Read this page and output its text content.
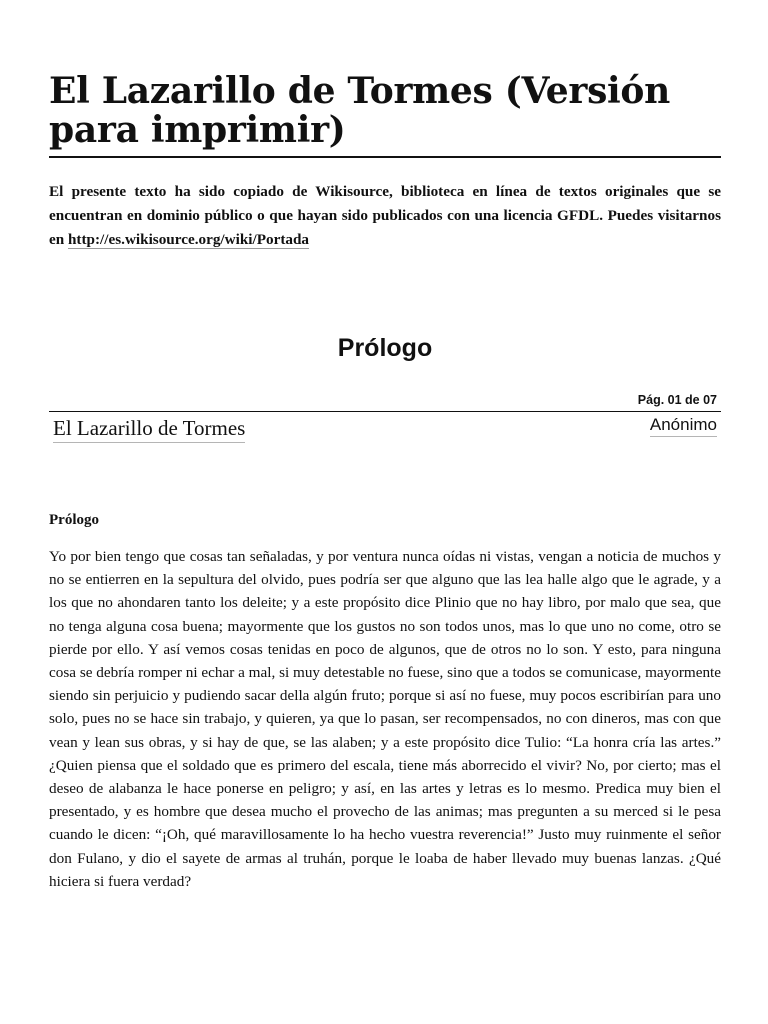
El Lazarillo de Tormes (Versión para imprimir)
El presente texto ha sido copiado de Wikisource, biblioteca en línea de textos originales que se encuentran en dominio público o que hayan sido publicados con una licencia GFDL. Puedes visitarnos en http://es.wikisource.org/wiki/Portada
Prólogo
Pág. 01 de 07
El Lazarillo de Tormes	Anónimo
Prólogo

Yo por bien tengo que cosas tan señaladas, y por ventura nunca oídas ni vistas, vengan a noticia de muchos y no se entierren en la sepultura del olvido, pues podría ser que alguno que las lea halle algo que le agrade, y a los que no ahondaren tanto los deleite; y a este propósito dice Plinio que no hay libro, por malo que sea, que no tenga alguna cosa buena; mayormente que los gustos no son todos unos, mas lo que uno no come, otro se pierde por ello. Y así vemos cosas tenidas en poco de algunos, que de otros no lo son. Y esto, para ninguna cosa se debría romper ni echar a mal, si muy detestable no fuese, sino que a todos se comunicase, mayormente siendo sin perjuicio y pudiendo sacar della algún fruto; porque si así no fuese, muy pocos escribirían para uno solo, pues no se hace sin trabajo, y quieren, ya que lo pasan, ser recompensados, no con dineros, mas con que vean y lean sus obras, y si hay de que, se las alaben; y a este propósito dice Tulio: “La honra cría las artes.” ¿Quien piensa que el soldado que es primero del escala, tiene más aborrecido el vivir? No, por cierto; mas el deseo de alabanza le hace ponerse en peligro; y así, en las artes y letras es lo mesmo. Predica muy bien el presentado, y es hombre que desea mucho el provecho de las animas; mas pregunten a su merced si le pesa cuando le dicen: “¡Oh, qué maravillosamente lo ha hecho vuestra reverencia!” Justo muy ruinmente el señor don Fulano, y dio el sayete de armas al truhán, porque le loaba de haber llevado muy buenas lanzas. ¿Qué hiciera si fuera verdad?
